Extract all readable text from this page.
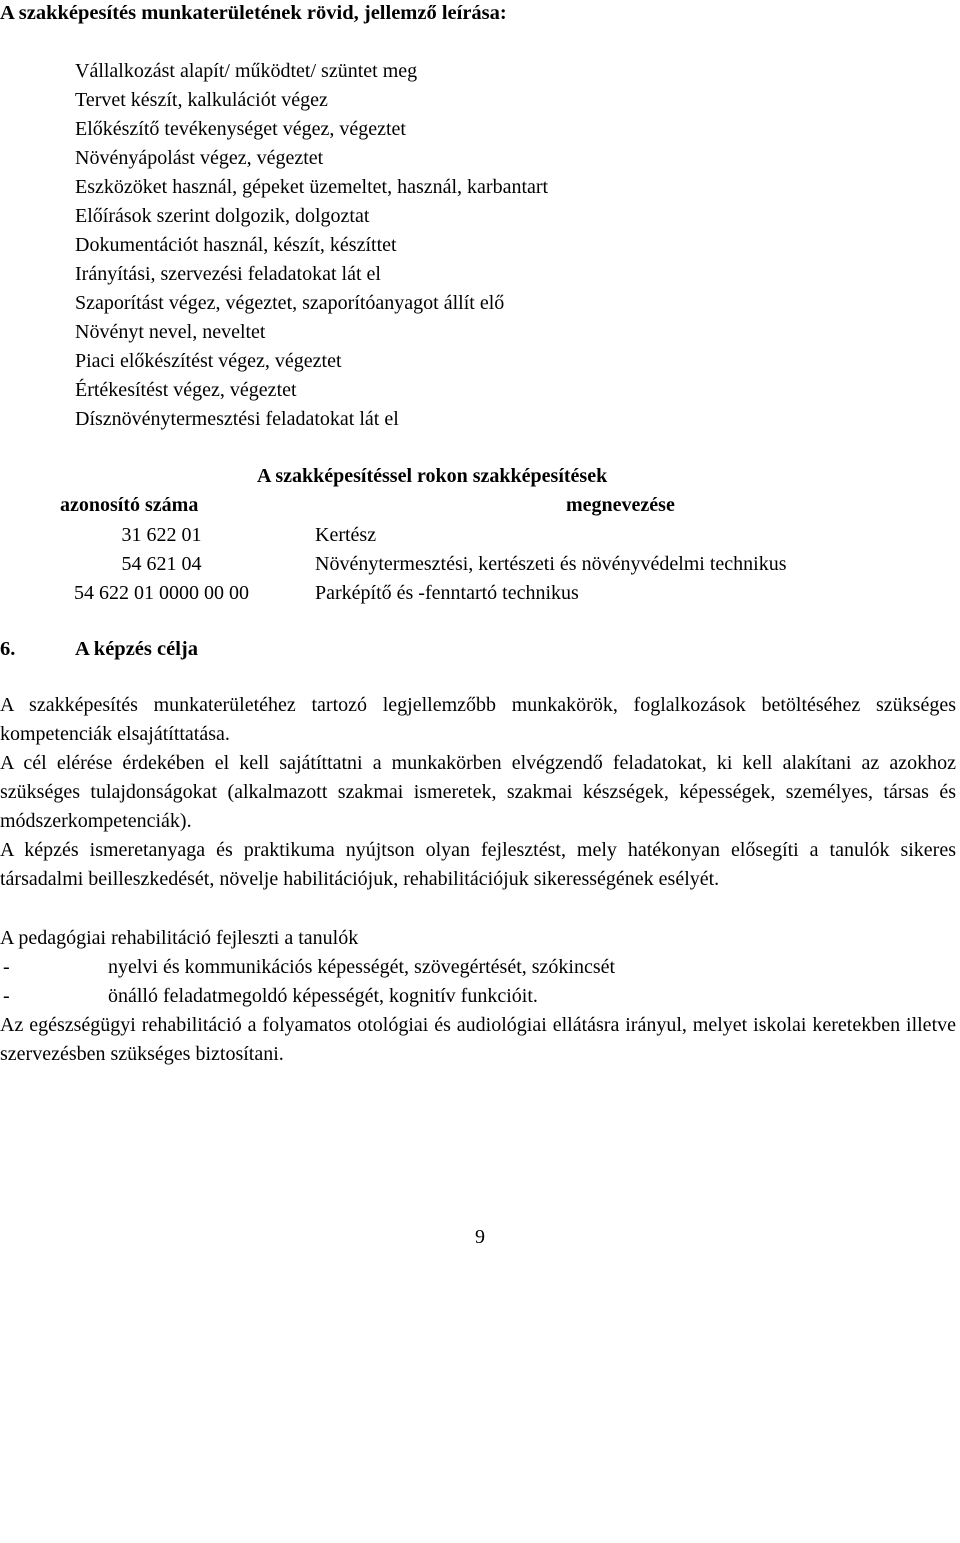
A szakképesítés munkaterületének rövid, jellemző leírása:
Vállalkozást alapít/ működtet/ szüntet meg
Tervet készít, kalkulációt végez
Előkészítő tevékenységet végez, végeztet
Növényápolást végez, végeztet
Eszközöket használ, gépeket üzemeltet, használ, karbantart
Előírások szerint dolgozik, dolgoztat
Dokumentációt használ, készít, készíttet
Irányítási, szervezési feladatokat lát el
Szaporítást végez, végeztet, szaporítóanyagot állít elő
Növényt nevel, neveltet
Piaci előkészítést végez, végeztet
Értékesítést végez, végeztet
Dísznövénytermesztési feladatokat lát el
A szakképesítéssel rokon szakképesítések
azonosító száma	megnevezése
31 622 01	Kertész
54 621 04	Növénytermesztési, kertészeti és növényvédelmi technikus
54 622 01 0000 00 00	Parképítő és -fenntartó technikus
6.	A képzés célja

A szakképesítés munkaterületéhez tartozó legjellemzőbb munkakörök, foglalkozások betöltéséhez szükséges kompetenciák elsajátíttatása.

A cél elérése érdekében el kell sajátíttatni a munkakörben elvégzendő feladatokat, ki kell alakítani az azokhoz szükséges tulajdonságokat (alkalmazott szakmai ismeretek, szakmai készségek, képességek, személyes, társas és módszerkompetenciák).

A képzés ismeretanyaga és praktikuma nyújtson olyan fejlesztést, mely hatékonyan elősegíti a tanulók sikeres társadalmi beilleszkedését, növelje habilitációjuk, rehabilitációjuk sikerességének esélyét.

A pedagógiai rehabilitáció fejleszti a tanulók

-	nyelvi és kommunikációs képességét, szövegértését, szókincsét
-	önálló feladatmegoldó képességét, kognitív funkcióit.

Az egészségügyi rehabilitáció a folyamatos otológiai és audiológiai ellátásra irányul, melyet iskolai keretekben illetve szervezésben szükséges biztosítani.

9
